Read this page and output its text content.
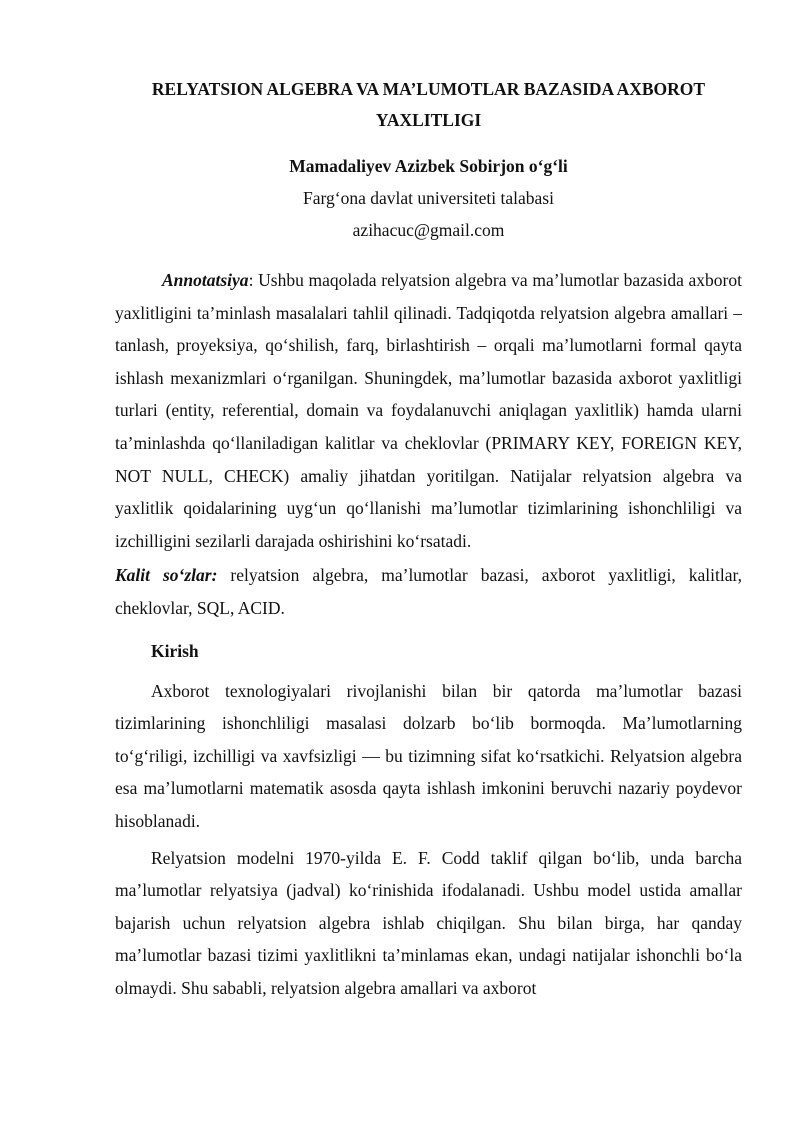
RELYATSION ALGEBRA VA MA’LUMOTLAR BAZASIDA AXBOROT
YAXLITLIGI

Mamadaliyev Azizbek Sobirjon o‘g‘li

Farg‘ona davlat universiteti talabasi

azihacuc@gmail.com

Annotatsiya: Ushbu maqolada relyatsion algebra va ma’lumotlar bazasida axborot yaxlitligini ta’minlash masalalari tahlil qilinadi. Tadqiqotda relyatsion algebra amallari – tanlash, proyeksiya, qo‘shilish, farq, birlashtirish – orqali ma’lumotlarni formal qayta ishlash mexanizmlari o‘rganilgan. Shuningdek, ma’lumotlar bazasida axborot yaxlitligi turlari (entity, referential, domain va foydalanuvchi aniqlagan yaxlitlik) hamda ularni ta’minlashda qo‘llaniladigan kalitlar va cheklovlar (PRIMARY KEY, FOREIGN KEY, NOT NULL, CHECK) amaliy jihatdan yoritilgan. Natijalar relyatsion algebra va yaxlitlik qoidalarining uyg‘un qo‘llanishi ma’lumotlar tizimlarining ishonchliligi va izchilligini sezilarli darajada oshirishini ko‘rsatadi.

Kalit so‘zlar: relyatsion algebra, ma’lumotlar bazasi, axborot yaxlitligi, kalitlar, cheklovlar, SQL, ACID.

Kirish

Axborot texnologiyalari rivojlanishi bilan bir qatorda ma’lumotlar bazasi tizimlarining ishonchliligi masalasi dolzarb bo‘lib bormoqda. Ma’lumotlarning to‘g‘riligi, izchilligi va xavfsizligi — bu tizimning sifat ko‘rsatkichi. Relyatsion algebra esa ma’lumotlarni matematik asosda qayta ishlash imkonini beruvchi nazariy poydevor hisoblanadi.

Relyatsion modelni 1970-yilda E. F. Codd taklif qilgan bo‘lib, unda barcha ma’lumotlar relyatsiya (jadval) ko‘rinishida ifodalanadi. Ushbu model ustida amallar bajarish uchun relyatsion algebra ishlab chiqilgan. Shu bilan birga, har qanday ma’lumotlar bazasi tizimi yaxlitlikni ta’minlamas ekan, undagi natijalar ishonchli bo‘la olmaydi. Shu sababli, relyatsion algebra amallari va axborot
